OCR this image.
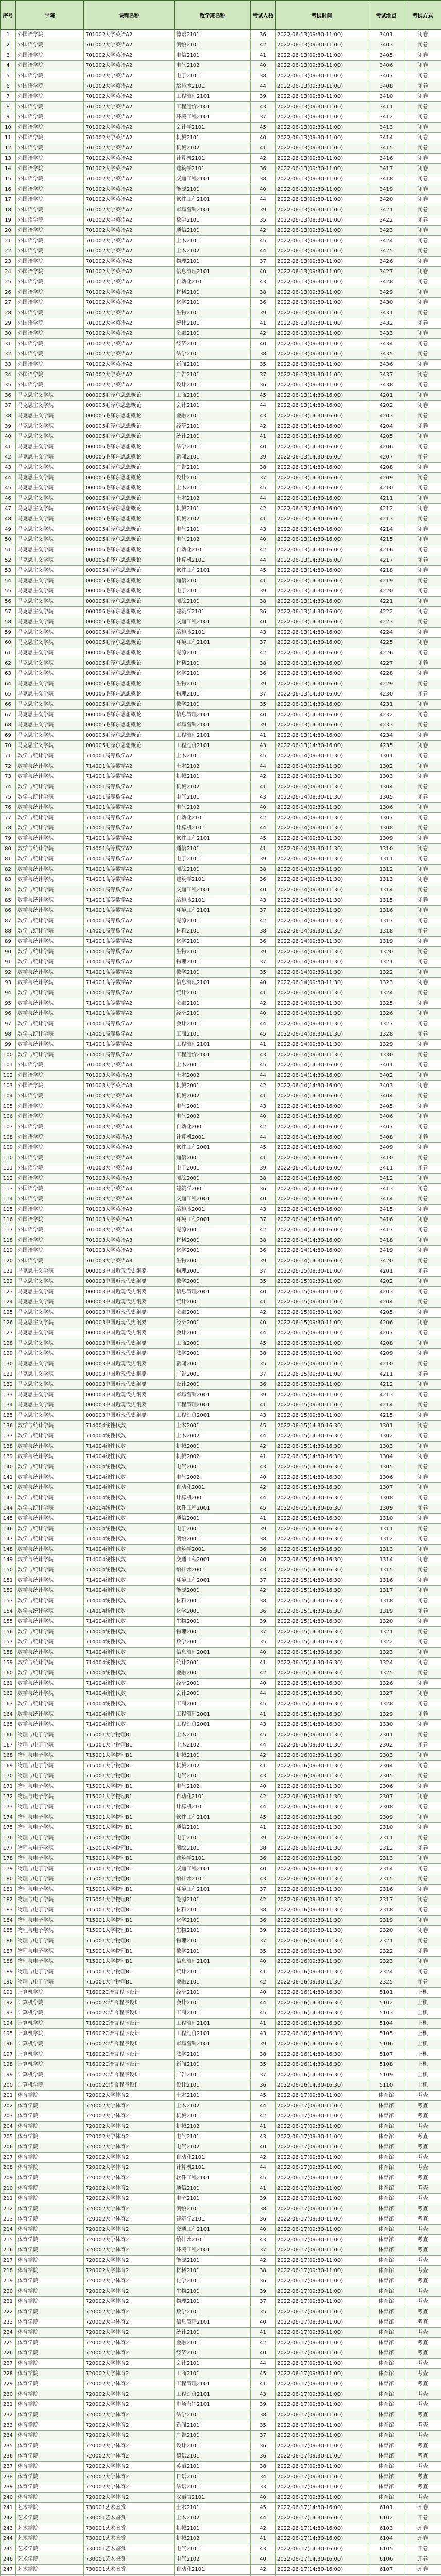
序号	学院	课程名称	教学班名称	考试人数	考试时间	考试地点	考试方式
1	外国语学院	701002大学英语A2	德语2101	36	2022-06-13(09:30-11:00)	3401	闭卷
2	外国语学院	701002大学英语A2	测绘2101	42	2022-06-13(09:30-11:00)	3403	闭卷
3	外国语学院	701002大学英语A2	电信2101	41	2022-06-13(09:30-11:00)	3405	闭卷
4	外国语学院	701002大学英语A2	电气2102	40	2022-06-13(09:30-11:00)	3406	闭卷
5	外国语学院	701002大学英语A2	电子2101	38	2022-06-13(09:30-11:00)	3407	闭卷
6	外国语学院	701002大学英语A2	给排水2101	44	2022-06-13(09:30-11:00)	3408	闭卷
7	外国语学院	701002大学英语A2	工程管理2101	39	2022-06-13(09:30-11:00)	3410	闭卷
8	外国语学院	701002大学英语A2	工程造价2101	43	2022-06-13(09:30-11:00)	3411	闭卷
9	外国语学院	701002大学英语A2	环境工程2101	37	2022-06-13(09:30-11:00)	3412	闭卷
10	外国语学院	701002大学英语A2	会计学2101	45	2022-06-13(09:30-11:00)	3413	闭卷
11	外国语学院	701002大学英语A2	机械2101	40	2022-06-13(09:30-11:00)	3414	闭卷
12	外国语学院	701002大学英语A2	机械2102	41	2022-06-13(09:30-11:00)	3415	闭卷
13	外国语学院	701002大学英语A2	计算机2101	42	2022-06-13(09:30-11:00)	3416	闭卷
14	外国语学院	701002大学英语A2	建筑学2101	36	2022-06-13(09:30-11:00)	3417	闭卷
15	外国语学院	701002大学英语A2	交通工程2101	38	2022-06-13(09:30-11:00)	3418	闭卷
16	外国语学院	701002大学英语A2	能源2101	40	2022-06-13(09:30-11:00)	3419	闭卷
17	外国语学院	701002大学英语A2	软件工程2101	44	2022-06-13(09:30-11:00)	3420	闭卷
18	外国语学院	701002大学英语A2	市场营销2101	39	2022-06-13(09:30-11:00)	3421	闭卷
19	外国语学院	701002大学英语A2	数学2101	35	2022-06-13(09:30-11:00)	3422	闭卷
20	外国语学院	701002大学英语A2	通信2101	42	2022-06-13(09:30-11:00)	3423	闭卷
21	外国语学院	701002大学英语A2	土木2101	45	2022-06-13(09:30-11:00)	3424	闭卷
22	外国语学院	701002大学英语A2	土木2102	44	2022-06-13(09:30-11:00)	3425	闭卷
23	外国语学院	701002大学英语A2	物理2101	37	2022-06-13(09:30-11:00)	3426	闭卷
24	外国语学院	701002大学英语A2	信息管理2101	40	2022-06-13(09:30-11:00)	3427	闭卷
25	外国语学院	701002大学英语A2	自动化2101	43	2022-06-13(09:30-11:00)	3428	闭卷
26	外国语学院	701002大学英语A2	材料2101	38	2022-06-13(09:30-11:00)	3429	闭卷
27	外国语学院	701002大学英语A2	化学2101	36	2022-06-13(09:30-11:00)	3430	闭卷
28	外国语学院	701002大学英语A2	生物2101	39	2022-06-13(09:30-11:00)	3431	闭卷
29	外国语学院	701002大学英语A2	统计2101	41	2022-06-13(09:30-11:00)	3432	闭卷
30	外国语学院	701002大学英语A2	金融2101	42	2022-06-13(09:30-11:00)	3433	闭卷
31	外国语学院	701002大学英语A2	经济2101	40	2022-06-13(09:30-11:00)	3434	闭卷
32	外国语学院	701002大学英语A2	法学2101	38	2022-06-13(09:30-11:00)	3435	闭卷
33	外国语学院	701002大学英语A2	新闻2101	35	2022-06-13(09:30-11:00)	3436	闭卷
34	外国语学院	701002大学英语A2	广告2101	37	2022-06-13(09:30-11:00)	3437	闭卷
35	外国语学院	701002大学英语A2	设计2101	36	2022-06-13(09:30-11:00)	3438	闭卷
36	马克思主义学院	000005毛泽东思想概论	工商2101	45	2022-06-13(14:30-16:00)	4201	闭卷
37	马克思主义学院	000005毛泽东思想概论	会计2101	44	2022-06-13(14:30-16:00)	4202	闭卷
38	马克思主义学院	000005毛泽东思想概论	金融2101	43	2022-06-13(14:30-16:00)	4203	闭卷
39	马克思主义学院	000005毛泽东思想概论	经济2101	42	2022-06-13(14:30-16:00)	4204	闭卷
40	马克思主义学院	000005毛泽东思想概论	统计2101	41	2022-06-13(14:30-16:00)	4205	闭卷
41	马克思主义学院	000005毛泽东思想概论	法学2101	40	2022-06-13(14:30-16:00)	4206	闭卷
42	马克思主义学院	000005毛泽东思想概论	新闻2101	39	2022-06-13(14:30-16:00)	4207	闭卷
43	马克思主义学院	000005毛泽东思想概论	广告2101	38	2022-06-13(14:30-16:00)	4208	闭卷
44	马克思主义学院	000005毛泽东思想概论	设计2101	37	2022-06-13(14:30-16:00)	4209	闭卷
45	马克思主义学院	000005毛泽东思想概论	土木2101	45	2022-06-13(14:30-16:00)	4210	闭卷
46	马克思主义学院	000005毛泽东思想概论	土木2102	44	2022-06-13(14:30-16:00)	4211	闭卷
47	马克思主义学院	000005毛泽东思想概论	机械2101	42	2022-06-13(14:30-16:00)	4212	闭卷
48	马克思主义学院	000005毛泽东思想概论	机械2102	41	2022-06-13(14:30-16:00)	4213	闭卷
49	马克思主义学院	000005毛泽东思想概论	电气2101	43	2022-06-13(14:30-16:00)	4214	闭卷
50	马克思主义学院	000005毛泽东思想概论	电气2102	40	2022-06-13(14:30-16:00)	4215	闭卷
51	马克思主义学院	000005毛泽东思想概论	自动化2101	42	2022-06-13(14:30-16:00)	4216	闭卷
52	马克思主义学院	000005毛泽东思想概论	计算机2101	44	2022-06-13(14:30-16:00)	4217	闭卷
53	马克思主义学院	000005毛泽东思想概论	软件工程2101	45	2022-06-13(14:30-16:00)	4218	闭卷
54	马克思主义学院	000005毛泽东思想概论	通信2101	41	2022-06-13(14:30-16:00)	4219	闭卷
55	马克思主义学院	000005毛泽东思想概论	电子2101	39	2022-06-13(14:30-16:00)	4220	闭卷
56	马克思主义学院	000005毛泽东思想概论	测绘2101	38	2022-06-13(14:30-16:00)	4221	闭卷
57	马克思主义学院	000005毛泽东思想概论	建筑学2101	36	2022-06-13(14:30-16:00)	4222	闭卷
58	马克思主义学院	000005毛泽东思想概论	交通工程2101	40	2022-06-13(14:30-16:00)	4223	闭卷
59	马克思主义学院	000005毛泽东思想概论	给排水2101	43	2022-06-13(14:30-16:00)	4224	闭卷
60	马克思主义学院	000005毛泽东思想概论	环境工程2101	37	2022-06-13(14:30-16:00)	4225	闭卷
61	马克思主义学院	000005毛泽东思想概论	能源2101	42	2022-06-13(14:30-16:00)	4226	闭卷
62	马克思主义学院	000005毛泽东思想概论	材料2101	38	2022-06-13(14:30-16:00)	4227	闭卷
63	马克思主义学院	000005毛泽东思想概论	化学2101	36	2022-06-13(14:30-16:00)	4228	闭卷
64	马克思主义学院	000005毛泽东思想概论	生物2101	39	2022-06-13(14:30-16:00)	4229	闭卷
65	马克思主义学院	000005毛泽东思想概论	物理2101	37	2022-06-13(14:30-16:00)	4230	闭卷
66	马克思主义学院	000005毛泽东思想概论	数学2101	35	2022-06-13(14:30-16:00)	4231	闭卷
67	马克思主义学院	000005毛泽东思想概论	信息管理2101	40	2022-06-13(14:30-16:00)	4232	闭卷
68	马克思主义学院	000005毛泽东思想概论	市场营销2101	39	2022-06-13(14:30-16:00)	4233	闭卷
69	马克思主义学院	000005毛泽东思想概论	工程管理2101	41	2022-06-13(14:30-16:00)	4234	闭卷
70	马克思主义学院	000005毛泽东思想概论	工程造价2101	43	2022-06-13(14:30-16:00)	4235	闭卷
71	数学与统计学院	714001高等数学A2	土木2101	45	2022-06-14(09:30-11:30)	1301	闭卷
72	数学与统计学院	714001高等数学A2	土木2102	44	2022-06-14(09:30-11:30)	1302	闭卷
73	数学与统计学院	714001高等数学A2	机械2101	42	2022-06-14(09:30-11:30)	1303	闭卷
74	数学与统计学院	714001高等数学A2	机械2102	41	2022-06-14(09:30-11:30)	1304	闭卷
75	数学与统计学院	714001高等数学A2	电气2101	43	2022-06-14(09:30-11:30)	1305	闭卷
76	数学与统计学院	714001高等数学A2	电气2102	40	2022-06-14(09:30-11:30)	1306	闭卷
77	数学与统计学院	714001高等数学A2	自动化2101	42	2022-06-14(09:30-11:30)	1307	闭卷
78	数学与统计学院	714001高等数学A2	计算机2101	44	2022-06-14(09:30-11:30)	1308	闭卷
79	数学与统计学院	714001高等数学A2	软件工程2101	45	2022-06-14(09:30-11:30)	1309	闭卷
80	数学与统计学院	714001高等数学A2	通信2101	41	2022-06-14(09:30-11:30)	1310	闭卷
81	数学与统计学院	714001高等数学A2	电子2101	39	2022-06-14(09:30-11:30)	1311	闭卷
82	数学与统计学院	714001高等数学A2	测绘2101	38	2022-06-14(09:30-11:30)	1312	闭卷
83	数学与统计学院	714001高等数学A2	建筑学2101	36	2022-06-14(09:30-11:30)	1313	闭卷
84	数学与统计学院	714001高等数学A2	交通工程2101	40	2022-06-14(09:30-11:30)	1314	闭卷
85	数学与统计学院	714001高等数学A2	给排水2101	43	2022-06-14(09:30-11:30)	1315	闭卷
86	数学与统计学院	714001高等数学A2	环境工程2101	37	2022-06-14(09:30-11:30)	1316	闭卷
87	数学与统计学院	714001高等数学A2	能源2101	42	2022-06-14(09:30-11:30)	1317	闭卷
88	数学与统计学院	714001高等数学A2	材料2101	38	2022-06-14(09:30-11:30)	1318	闭卷
89	数学与统计学院	714001高等数学A2	化学2101	36	2022-06-14(09:30-11:30)	1319	闭卷
90	数学与统计学院	714001高等数学A2	生物2101	39	2022-06-14(09:30-11:30)	1320	闭卷
91	数学与统计学院	714001高等数学A2	物理2101	37	2022-06-14(09:30-11:30)	1321	闭卷
92	数学与统计学院	714001高等数学A2	数学2101	35	2022-06-14(09:30-11:30)	1322	闭卷
93	数学与统计学院	714001高等数学A2	信息管理2101	40	2022-06-14(09:30-11:30)	1323	闭卷
94	数学与统计学院	714001高等数学A2	统计2101	41	2022-06-14(09:30-11:30)	1324	闭卷
95	数学与统计学院	714001高等数学A2	金融2101	42	2022-06-14(09:30-11:30)	1325	闭卷
96	数学与统计学院	714001高等数学A2	经济2101	40	2022-06-14(09:30-11:30)	1326	闭卷
97	数学与统计学院	714001高等数学A2	会计2101	44	2022-06-14(09:30-11:30)	1327	闭卷
98	数学与统计学院	714001高等数学A2	工商2101	45	2022-06-14(09:30-11:30)	1328	闭卷
99	数学与统计学院	714001高等数学A2	工程管理2101	41	2022-06-14(09:30-11:30)	1329	闭卷
100	数学与统计学院	714001高等数学A2	工程造价2101	43	2022-06-14(09:30-11:30)	1330	闭卷
101	外国语学院	701003大学英语A3	土木2001	45	2022-06-14(14:30-16:00)	3401	闭卷
102	外国语学院	701003大学英语A3	土木2002	44	2022-06-14(14:30-16:00)	3402	闭卷
103	外国语学院	701003大学英语A3	机械2001	42	2022-06-14(14:30-16:00)	3403	闭卷
104	外国语学院	701003大学英语A3	机械2002	41	2022-06-14(14:30-16:00)	3404	闭卷
105	外国语学院	701003大学英语A3	电气2001	43	2022-06-14(14:30-16:00)	3405	闭卷
106	外国语学院	701003大学英语A3	电气2002	40	2022-06-14(14:30-16:00)	3406	闭卷
107	外国语学院	701003大学英语A3	自动化2001	42	2022-06-14(14:30-16:00)	3407	闭卷
108	外国语学院	701003大学英语A3	计算机2001	44	2022-06-14(14:30-16:00)	3408	闭卷
109	外国语学院	701003大学英语A3	软件工程2001	45	2022-06-14(14:30-16:00)	3409	闭卷
110	外国语学院	701003大学英语A3	通信2001	41	2022-06-14(14:30-16:00)	3410	闭卷
111	外国语学院	701003大学英语A3	电子2001	39	2022-06-14(14:30-16:00)	3411	闭卷
112	外国语学院	701003大学英语A3	测绘2001	38	2022-06-14(14:30-16:00)	3412	闭卷
113	外国语学院	701003大学英语A3	建筑学2001	36	2022-06-14(14:30-16:00)	3413	闭卷
114	外国语学院	701003大学英语A3	交通工程2001	40	2022-06-14(14:30-16:00)	3414	闭卷
115	外国语学院	701003大学英语A3	给排水2001	43	2022-06-14(14:30-16:00)	3415	闭卷
116	外国语学院	701003大学英语A3	环境工程2001	37	2022-06-14(14:30-16:00)	3416	闭卷
117	外国语学院	701003大学英语A3	能源2001	42	2022-06-14(14:30-16:00)	3417	闭卷
118	外国语学院	701003大学英语A3	材料2001	38	2022-06-14(14:30-16:00)	3418	闭卷
119	外国语学院	701003大学英语A3	化学2001	36	2022-06-14(14:30-16:00)	3419	闭卷
120	外国语学院	701003大学英语A3	生物2001	39	2022-06-14(14:30-16:00)	3420	闭卷
121	马克思主义学院	000003中国近现代史纲要	物理2001	37	2022-06-15(09:30-11:00)	4201	闭卷
122	马克思主义学院	000003中国近现代史纲要	数学2001	35	2022-06-15(09:30-11:00)	4202	闭卷
123	马克思主义学院	000003中国近现代史纲要	信息管理2001	40	2022-06-15(09:30-11:00)	4203	闭卷
124	马克思主义学院	000003中国近现代史纲要	统计2001	41	2022-06-15(09:30-11:00)	4204	闭卷
125	马克思主义学院	000003中国近现代史纲要	金融2001	42	2022-06-15(09:30-11:00)	4205	闭卷
126	马克思主义学院	000003中国近现代史纲要	经济2001	40	2022-06-15(09:30-11:00)	4206	闭卷
127	马克思主义学院	000003中国近现代史纲要	会计2001	44	2022-06-15(09:30-11:00)	4207	闭卷
128	马克思主义学院	000003中国近现代史纲要	工商2001	45	2022-06-15(09:30-11:00)	4208	闭卷
129	马克思主义学院	000003中国近现代史纲要	法学2001	38	2022-06-15(09:30-11:00)	4209	闭卷
130	马克思主义学院	000003中国近现代史纲要	新闻2001	35	2022-06-15(09:30-11:00)	4210	闭卷
131	马克思主义学院	000003中国近现代史纲要	广告2001	37	2022-06-15(09:30-11:00)	4211	闭卷
132	马克思主义学院	000003中国近现代史纲要	设计2001	36	2022-06-15(09:30-11:00)	4212	闭卷
133	马克思主义学院	000003中国近现代史纲要	市场营销2001	39	2022-06-15(09:30-11:00)	4213	闭卷
134	马克思主义学院	000003中国近现代史纲要	工程管理2001	41	2022-06-15(09:30-11:00)	4214	闭卷
135	马克思主义学院	000003中国近现代史纲要	工程造价2001	43	2022-06-15(09:30-11:00)	4215	闭卷
136	数学与统计学院	714004线性代数	土木2001	45	2022-06-15(14:30-16:30)	1301	闭卷
137	数学与统计学院	714004线性代数	土木2002	44	2022-06-15(14:30-16:30)	1302	闭卷
138	数学与统计学院	714004线性代数	机械2001	42	2022-06-15(14:30-16:30)	1303	闭卷
139	数学与统计学院	714004线性代数	机械2002	41	2022-06-15(14:30-16:30)	1304	闭卷
140	数学与统计学院	714004线性代数	电气2001	43	2022-06-15(14:30-16:30)	1305	闭卷
141	数学与统计学院	714004线性代数	电气2002	40	2022-06-15(14:30-16:30)	1306	闭卷
142	数学与统计学院	714004线性代数	自动化2001	42	2022-06-15(14:30-16:30)	1307	闭卷
143	数学与统计学院	714004线性代数	计算机2001	44	2022-06-15(14:30-16:30)	1308	闭卷
144	数学与统计学院	714004线性代数	软件工程2001	45	2022-06-15(14:30-16:30)	1309	闭卷
145	数学与统计学院	714004线性代数	通信2001	41	2022-06-15(14:30-16:30)	1310	闭卷
146	数学与统计学院	714004线性代数	电子2001	39	2022-06-15(14:30-16:30)	1311	闭卷
147	数学与统计学院	714004线性代数	测绘2001	38	2022-06-15(14:30-16:30)	1312	闭卷
148	数学与统计学院	714004线性代数	建筑学2001	36	2022-06-15(14:30-16:30)	1313	闭卷
149	数学与统计学院	714004线性代数	交通工程2001	40	2022-06-15(14:30-16:30)	1314	闭卷
150	数学与统计学院	714004线性代数	给排水2001	43	2022-06-15(14:30-16:30)	1315	闭卷
151	数学与统计学院	714004线性代数	环境工程2001	37	2022-06-15(14:30-16:30)	1316	闭卷
152	数学与统计学院	714004线性代数	能源2001	42	2022-06-15(14:30-16:30)	1317	闭卷
153	数学与统计学院	714004线性代数	材料2001	38	2022-06-15(14:30-16:30)	1318	闭卷
154	数学与统计学院	714004线性代数	化学2001	36	2022-06-15(14:30-16:30)	1319	闭卷
155	数学与统计学院	714004线性代数	生物2001	39	2022-06-15(14:30-16:30)	1320	闭卷
156	数学与统计学院	714004线性代数	物理2001	37	2022-06-15(14:30-16:30)	1321	闭卷
157	数学与统计学院	714004线性代数	数学2001	35	2022-06-15(14:30-16:30)	1322	闭卷
158	数学与统计学院	714004线性代数	信息管理2001	40	2022-06-15(14:30-16:30)	1323	闭卷
159	数学与统计学院	714004线性代数	统计2001	41	2022-06-15(14:30-16:30)	1324	闭卷
160	数学与统计学院	714004线性代数	金融2001	42	2022-06-15(14:30-16:30)	1325	闭卷
161	数学与统计学院	714004线性代数	经济2001	40	2022-06-15(14:30-16:30)	1326	闭卷
162	数学与统计学院	714004线性代数	会计2001	44	2022-06-15(14:30-16:30)	1327	闭卷
163	数学与统计学院	714004线性代数	工商2001	45	2022-06-15(14:30-16:30)	1328	闭卷
164	数学与统计学院	714004线性代数	工程管理2001	41	2022-06-15(14:30-16:30)	1329	闭卷
165	数学与统计学院	714004线性代数	工程造价2001	43	2022-06-15(14:30-16:30)	1330	闭卷
166	物理与电子学院	715001大学物理B1	土木2101	45	2022-06-16(09:30-11:30)	2301	闭卷
167	物理与电子学院	715001大学物理B1	土木2102	44	2022-06-16(09:30-11:30)	2302	闭卷
168	物理与电子学院	715001大学物理B1	机械2101	42	2022-06-16(09:30-11:30)	2303	闭卷
169	物理与电子学院	715001大学物理B1	机械2102	41	2022-06-16(09:30-11:30)	2304	闭卷
170	物理与电子学院	715001大学物理B1	电气2101	43	2022-06-16(09:30-11:30)	2305	闭卷
171	物理与电子学院	715001大学物理B1	电气2102	40	2022-06-16(09:30-11:30)	2306	闭卷
172	物理与电子学院	715001大学物理B1	自动化2101	42	2022-06-16(09:30-11:30)	2307	闭卷
173	物理与电子学院	715001大学物理B1	计算机2101	44	2022-06-16(09:30-11:30)	2308	闭卷
174	物理与电子学院	715001大学物理B1	软件工程2101	45	2022-06-16(09:30-11:30)	2309	闭卷
175	物理与电子学院	715001大学物理B1	通信2101	41	2022-06-16(09:30-11:30)	2310	闭卷
176	物理与电子学院	715001大学物理B1	电子2101	39	2022-06-16(09:30-11:30)	2311	闭卷
177	物理与电子学院	715001大学物理B1	测绘2101	38	2022-06-16(09:30-11:30)	2312	闭卷
178	物理与电子学院	715001大学物理B1	建筑学2101	36	2022-06-16(09:30-11:30)	2313	闭卷
179	物理与电子学院	715001大学物理B1	交通工程2101	40	2022-06-16(09:30-11:30)	2314	闭卷
180	物理与电子学院	715001大学物理B1	给排水2101	43	2022-06-16(09:30-11:30)	2315	闭卷
181	物理与电子学院	715001大学物理B1	环境工程2101	37	2022-06-16(09:30-11:30)	2316	闭卷
182	物理与电子学院	715001大学物理B1	能源2101	42	2022-06-16(09:30-11:30)	2317	闭卷
183	物理与电子学院	715001大学物理B1	材料2101	38	2022-06-16(09:30-11:30)	2318	闭卷
184	物理与电子学院	715001大学物理B1	化学2101	36	2022-06-16(09:30-11:30)	2319	闭卷
185	物理与电子学院	715001大学物理B1	生物2101	39	2022-06-16(09:30-11:30)	2320	闭卷
186	物理与电子学院	715001大学物理B1	物理2101	37	2022-06-16(09:30-11:30)	2321	闭卷
187	物理与电子学院	715001大学物理B1	数学2101	35	2022-06-16(09:30-11:30)	2322	闭卷
188	物理与电子学院	715001大学物理B1	信息管理2101	40	2022-06-16(09:30-11:30)	2323	闭卷
189	物理与电子学院	715001大学物理B1	统计2101	41	2022-06-16(09:30-11:30)	2324	闭卷
190	物理与电子学院	715001大学物理B1	金融2101	42	2022-06-16(09:30-11:30)	2325	闭卷
191	计算机学院	716002C语言程序设计	经济2101	40	2022-06-16(14:30-16:30)	5101	上机
192	计算机学院	716002C语言程序设计	会计2101	44	2022-06-16(14:30-16:30)	5102	上机
193	计算机学院	716002C语言程序设计	工商2101	45	2022-06-16(14:30-16:30)	5103	上机
194	计算机学院	716002C语言程序设计	工程管理2101	41	2022-06-16(14:30-16:30)	5104	上机
195	计算机学院	716002C语言程序设计	工程造价2101	43	2022-06-16(14:30-16:30)	5105	上机
196	计算机学院	716002C语言程序设计	市场营销2101	39	2022-06-16(14:30-16:30)	5106	上机
197	计算机学院	716002C语言程序设计	法学2101	38	2022-06-16(14:30-16:30)	5107	上机
198	计算机学院	716002C语言程序设计	新闻2101	35	2022-06-16(14:30-16:30)	5108	上机
199	计算机学院	716002C语言程序设计	广告2101	37	2022-06-16(14:30-16:30)	5109	上机
200	计算机学院	716002C语言程序设计	设计2101	36	2022-06-16(14:30-16:30)	5110	上机
201	体育学院	720002大学体育2	土木2101	45	2022-06-17(09:30-11:00)	体育馆	考查
202	体育学院	720002大学体育2	土木2102	44	2022-06-17(09:30-11:00)	体育馆	考查
203	体育学院	720002大学体育2	机械2101	42	2022-06-17(09:30-11:00)	体育馆	考查
204	体育学院	720002大学体育2	机械2102	41	2022-06-17(09:30-11:00)	体育馆	考查
205	体育学院	720002大学体育2	电气2101	43	2022-06-17(09:30-11:00)	体育馆	考查
206	体育学院	720002大学体育2	电气2102	40	2022-06-17(09:30-11:00)	体育馆	考查
207	体育学院	720002大学体育2	自动化2101	42	2022-06-17(09:30-11:00)	体育馆	考查
208	体育学院	720002大学体育2	计算机2101	44	2022-06-17(09:30-11:00)	体育馆	考查
209	体育学院	720002大学体育2	软件工程2101	45	2022-06-17(09:30-11:00)	体育馆	考查
210	体育学院	720002大学体育2	通信2101	41	2022-06-17(09:30-11:00)	体育馆	考查
211	体育学院	720002大学体育2	电子2101	39	2022-06-17(09:30-11:00)	体育馆	考查
212	体育学院	720002大学体育2	测绘2101	38	2022-06-17(09:30-11:00)	体育馆	考查
213	体育学院	720002大学体育2	建筑学2101	36	2022-06-17(09:30-11:00)	体育馆	考查
214	体育学院	720002大学体育2	交通工程2101	40	2022-06-17(09:30-11:00)	体育馆	考查
215	体育学院	720002大学体育2	给排水2101	43	2022-06-17(09:30-11:00)	体育馆	考查
216	体育学院	720002大学体育2	环境工程2101	37	2022-06-17(09:30-11:00)	体育馆	考查
217	体育学院	720002大学体育2	能源2101	42	2022-06-17(09:30-11:00)	体育馆	考查
218	体育学院	720002大学体育2	材料2101	38	2022-06-17(09:30-11:00)	体育馆	考查
219	体育学院	720002大学体育2	化学2101	36	2022-06-17(09:30-11:00)	体育馆	考查
220	体育学院	720002大学体育2	生物2101	39	2022-06-17(09:30-11:00)	体育馆	考查
221	体育学院	720002大学体育2	物理2101	37	2022-06-17(09:30-11:00)	体育馆	考查
222	体育学院	720002大学体育2	数学2101	35	2022-06-17(09:30-11:00)	体育馆	考查
223	体育学院	720002大学体育2	信息管理2101	40	2022-06-17(09:30-11:00)	体育馆	考查
224	体育学院	720002大学体育2	统计2101	41	2022-06-17(09:30-11:00)	体育馆	考查
225	体育学院	720002大学体育2	金融2101	42	2022-06-17(09:30-11:00)	体育馆	考查
226	体育学院	720002大学体育2	经济2101	40	2022-06-17(09:30-11:00)	体育馆	考查
227	体育学院	720002大学体育2	会计2101	44	2022-06-17(09:30-11:00)	体育馆	考查
228	体育学院	720002大学体育2	工商2101	45	2022-06-17(09:30-11:00)	体育馆	考查
229	体育学院	720002大学体育2	工程管理2101	41	2022-06-17(09:30-11:00)	体育馆	考查
230	体育学院	720002大学体育2	工程造价2101	43	2022-06-17(09:30-11:00)	体育馆	考查
231	体育学院	720002大学体育2	市场营销2101	39	2022-06-17(09:30-11:00)	体育馆	考查
232	体育学院	720002大学体育2	法学2101	38	2022-06-17(09:30-11:00)	体育馆	考查
233	体育学院	720002大学体育2	新闻2101	35	2022-06-17(09:30-11:00)	体育馆	考查
234	体育学院	720002大学体育2	广告2101	37	2022-06-17(09:30-11:00)	体育馆	考查
235	体育学院	720002大学体育2	设计2101	36	2022-06-17(09:30-11:00)	体育馆	考查
236	体育学院	720002大学体育2	德语2101	36	2022-06-17(09:30-11:00)	体育馆	考查
237	体育学院	720002大学体育2	英语2101	38	2022-06-17(09:30-11:00)	体育馆	考查
238	体育学院	720002大学体育2	日语2101	34	2022-06-17(09:30-11:00)	体育馆	考查
239	体育学院	720002大学体育2	法语2101	33	2022-06-17(09:30-11:00)	体育馆	考查
240	体育学院	720002大学体育2	汉语言2101	40	2022-06-17(09:30-11:00)	体育馆	考查
241	艺术学院	730001艺术鉴赏	土木2101	45	2022-06-17(14:30-16:00)	6101	开卷
242	艺术学院	730001艺术鉴赏	土木2102	44	2022-06-17(14:30-16:00)	6102	开卷
243	艺术学院	730001艺术鉴赏	机械2101	42	2022-06-17(14:30-16:00)	6103	开卷
244	艺术学院	730001艺术鉴赏	机械2102	41	2022-06-17(14:30-16:00)	6104	开卷
245	艺术学院	730001艺术鉴赏	电气2101	43	2022-06-17(14:30-16:00)	6105	开卷
246	艺术学院	730001艺术鉴赏	电气2102	40	2022-06-17(14:30-16:00)	6106	开卷
247	艺术学院	730001艺术鉴赏	自动化2101	42	2022-06-17(14:30-16:00)	6107	开卷
